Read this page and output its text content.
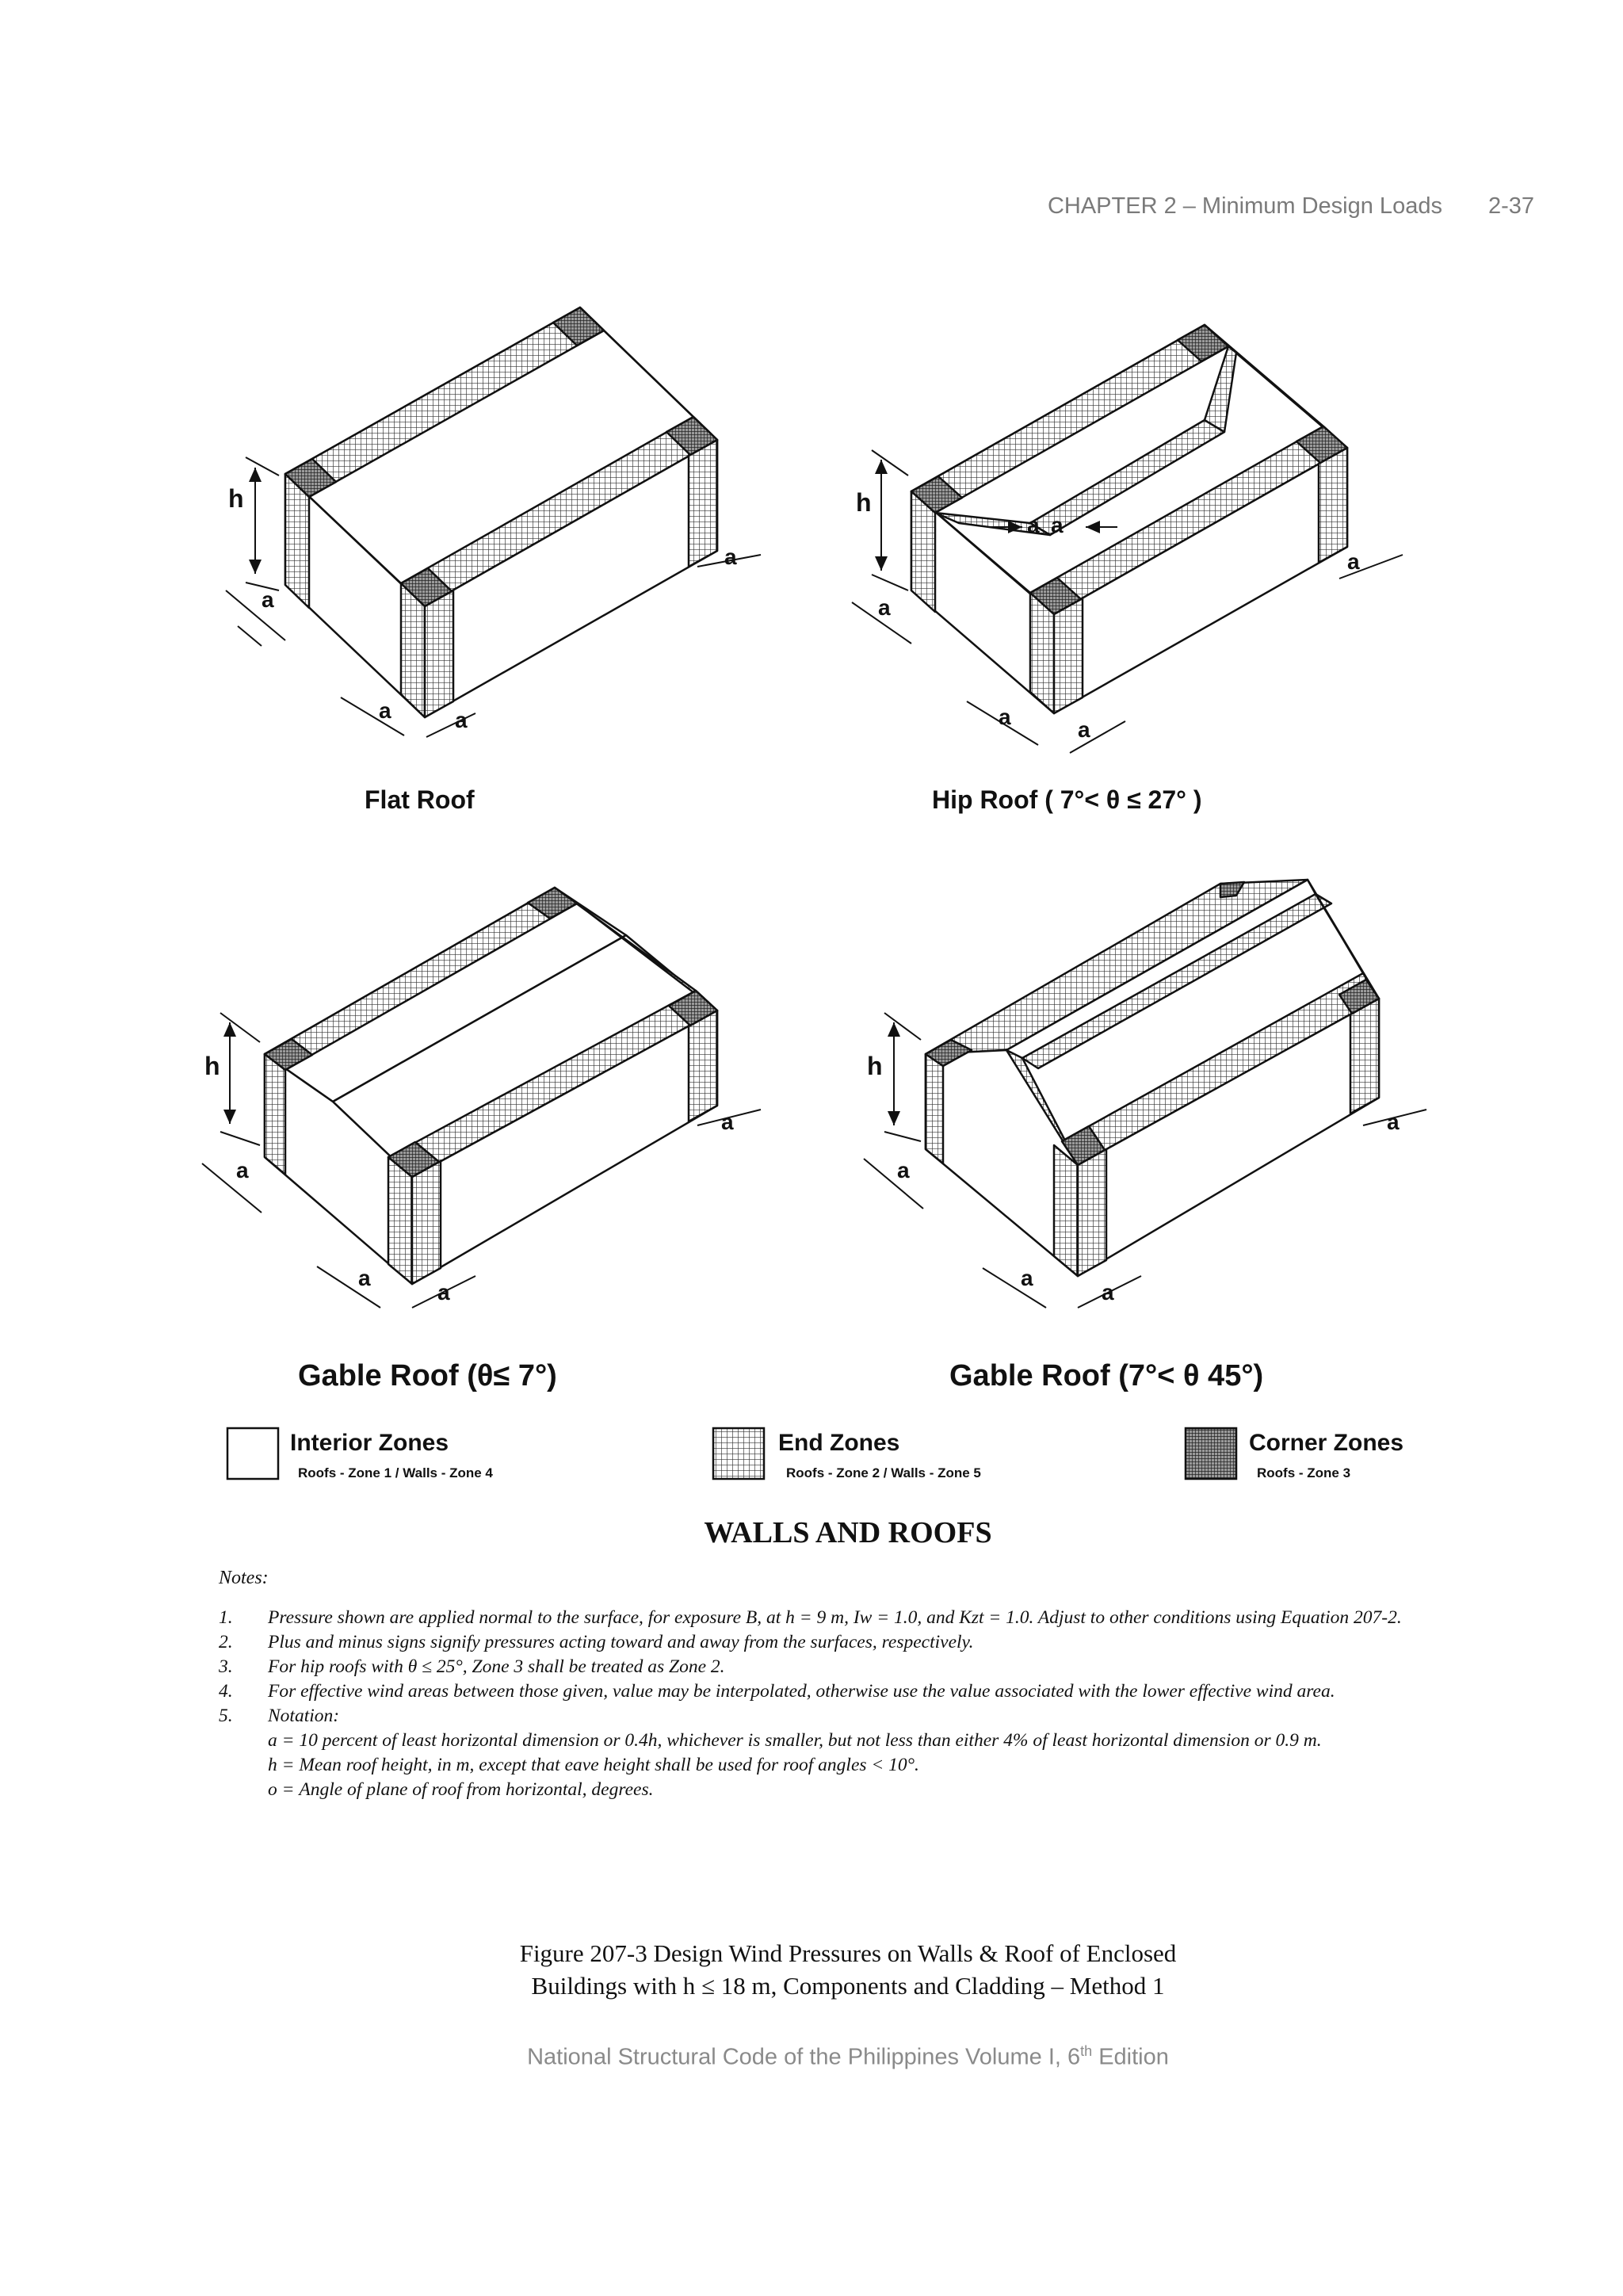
CHAPTER 2 – Minimum Design Loads 2-37
h
a
a	a
a
Flat Roof
h
a
a a
a
a
a
Hip Roof ( 7°< θ ≤ 27° )
h
a
a
a
a
Gable Roof (θ≤ 7°)
h
a
a
a
a
Gable Roof (7°< θ 45°)
Interior Zones
Roofs - Zone 1 / Walls - Zone 4
End Zones
Roofs - Zone 2 / Walls - Zone 5
Corner Zones
Roofs - Zone 3
WALLS AND ROOFS
Notes:
1.	Pressure shown are applied normal to the surface, for exposure B, at h = 9 m, Iw = 1.0, and Kzt = 1.0. Adjust to other conditions using Equation 207-2.
2.	Plus and minus signs signify pressures acting toward and away from the surfaces, respectively.
3.	For hip roofs with θ ≤ 25°, Zone 3 shall be treated as Zone 2.
4.	For effective wind areas between those given, value may be interpolated, otherwise use the value associated with the lower effective wind area.
5.	Notation:
a = 10 percent of least horizontal dimension or 0.4h, whichever is smaller, but not less than either 4% of least horizontal dimension or 0.9 m.
h = Mean roof height, in m, except that eave height shall be used for roof angles < 10°.
ο = Angle of plane of roof from horizontal, degrees.
Figure 207-3 Design Wind Pressures on Walls & Roof of Enclosed
Buildings with h ≤ 18 m, Components and Cladding – Method 1
National Structural Code of the Philippines Volume I, 6th Edition
